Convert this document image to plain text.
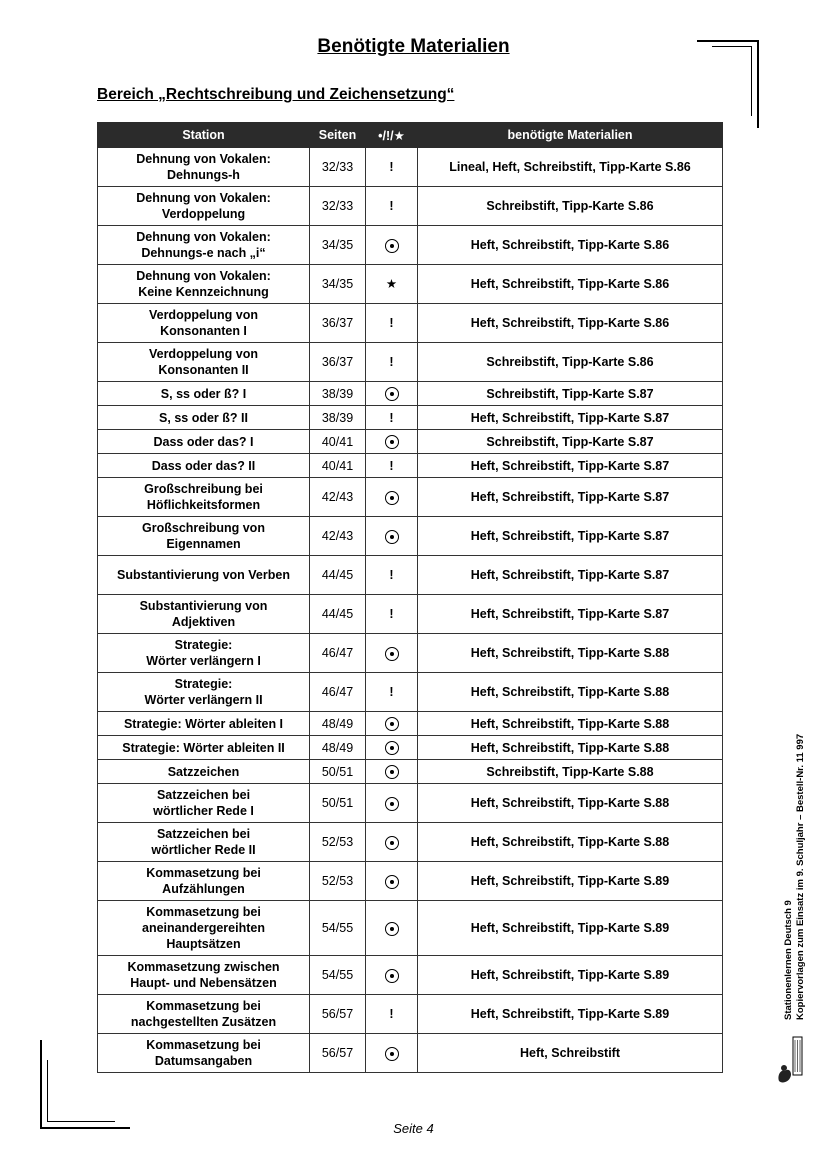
Benötigte Materialien
Bereich „Rechtschreibung und Zeichensetzung“
Station	Seiten	•/!/★	benötigte Materialien
Dehnung von Vokalen:
Dehnungs-h	32/33	!	Lineal, Heft, Schreibstift, Tipp-Karte S.86
Dehnung von Vokalen:
Verdoppelung	32/33	!	Schreibstift, Tipp-Karte S.86
Dehnung von Vokalen:
Dehnungs-e nach „i“	34/35		Heft, Schreibstift, Tipp-Karte S.86
Dehnung von Vokalen:
Keine Kennzeichnung	34/35	★	Heft, Schreibstift, Tipp-Karte S.86
Verdoppelung von
Konsonanten I	36/37	!	Heft, Schreibstift, Tipp-Karte S.86
Verdoppelung von
Konsonanten II	36/37	!	Schreibstift, Tipp-Karte S.86
S, ss oder ß? I	38/39		Schreibstift, Tipp-Karte S.87
S, ss oder ß? II	38/39	!	Heft, Schreibstift, Tipp-Karte S.87
Dass oder das? I	40/41		Schreibstift, Tipp-Karte S.87
Dass oder das? II	40/41	!	Heft, Schreibstift, Tipp-Karte S.87
Großschreibung bei
Höflichkeitsformen	42/43		Heft, Schreibstift, Tipp-Karte S.87
Großschreibung von
Eigennamen	42/43		Heft, Schreibstift, Tipp-Karte S.87
Substantivierung von Verben	44/45	!	Heft, Schreibstift, Tipp-Karte S.87
Substantivierung von
Adjektiven	44/45	!	Heft, Schreibstift, Tipp-Karte S.87
Strategie:
Wörter verlängern I	46/47		Heft, Schreibstift, Tipp-Karte S.88
Strategie:
Wörter verlängern II	46/47	!	Heft, Schreibstift, Tipp-Karte S.88
Strategie: Wörter ableiten I	48/49		Heft, Schreibstift, Tipp-Karte S.88
Strategie: Wörter ableiten II	48/49		Heft, Schreibstift, Tipp-Karte S.88
Satzzeichen	50/51		Schreibstift, Tipp-Karte S.88
Satzzeichen bei
wörtlicher Rede I	50/51		Heft, Schreibstift, Tipp-Karte S.88
Satzzeichen bei
wörtlicher Rede II	52/53		Heft, Schreibstift, Tipp-Karte S.88
Kommasetzung bei
Aufzählungen	52/53		Heft, Schreibstift, Tipp-Karte S.89
Kommasetzung bei
aneinandergereihten
Hauptsätzen	54/55		Heft, Schreibstift, Tipp-Karte S.89
Kommasetzung zwischen
Haupt- und Nebensätzen	54/55		Heft, Schreibstift, Tipp-Karte S.89
Kommasetzung bei
nachgestellten Zusätzen	56/57	!	Heft, Schreibstift, Tipp-Karte S.89
Kommasetzung bei
Datumsangaben	56/57		Heft, Schreibstift
Stationenlernen Deutsch 9 Kopiervorlagen zum Einsatz im 9. Schuljahr – Bestell-Nr. 11 997
Seite 4
